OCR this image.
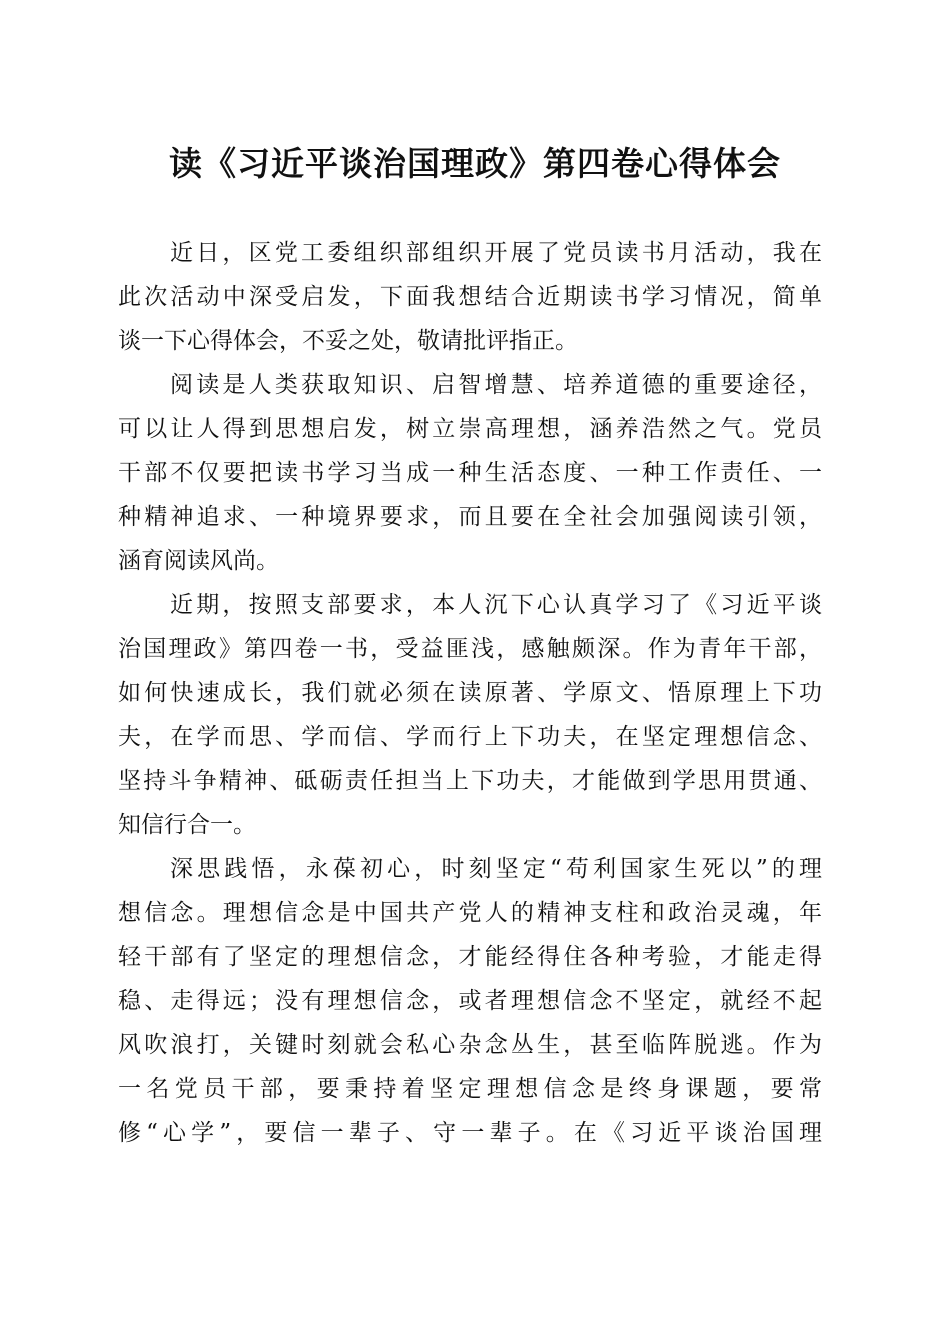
读《习近平谈治国理政》第四卷心得体会
近日，区党工委组织部组织开展了党员读书月活动，我在
此次活动中深受启发，下面我想结合近期读书学习情况，简单
谈一下心得体会，不妥之处，敬请批评指正。
阅读是人类获取知识、启智增慧、培养道德的重要途径，
可以让人得到思想启发，树立崇高理想，涵养浩然之气。党员
干部不仅要把读书学习当成一种生活态度、一种工作责任、一
种精神追求、一种境界要求，而且要在全社会加强阅读引领，
涵育阅读风尚。
近期，按照支部要求，本人沉下心认真学习了《习近平谈
治国理政》第四卷一书，受益匪浅，感触颇深。作为青年干部，
如何快速成长，我们就必须在读原著、学原文、悟原理上下功
夫，在学而思、学而信、学而行上下功夫，在坚定理想信念、
坚持斗争精神、砥砺责任担当上下功夫，才能做到学思用贯通、
知信行合一。
深思践悟，永葆初心，时刻坚定“苟利国家生死以”的理
想信念。理想信念是中国共产党人的精神支柱和政治灵魂，年
轻干部有了坚定的理想信念，才能经得住各种考验，才能走得
稳、走得远；没有理想信念，或者理想信念不坚定，就经不起
风吹浪打，关键时刻就会私心杂念丛生，甚至临阵脱逃。作为
一名党员干部，要秉持着坚定理想信念是终身课题，要常
修“心学”，要信一辈子、守一辈子。在《习近平谈治国理
